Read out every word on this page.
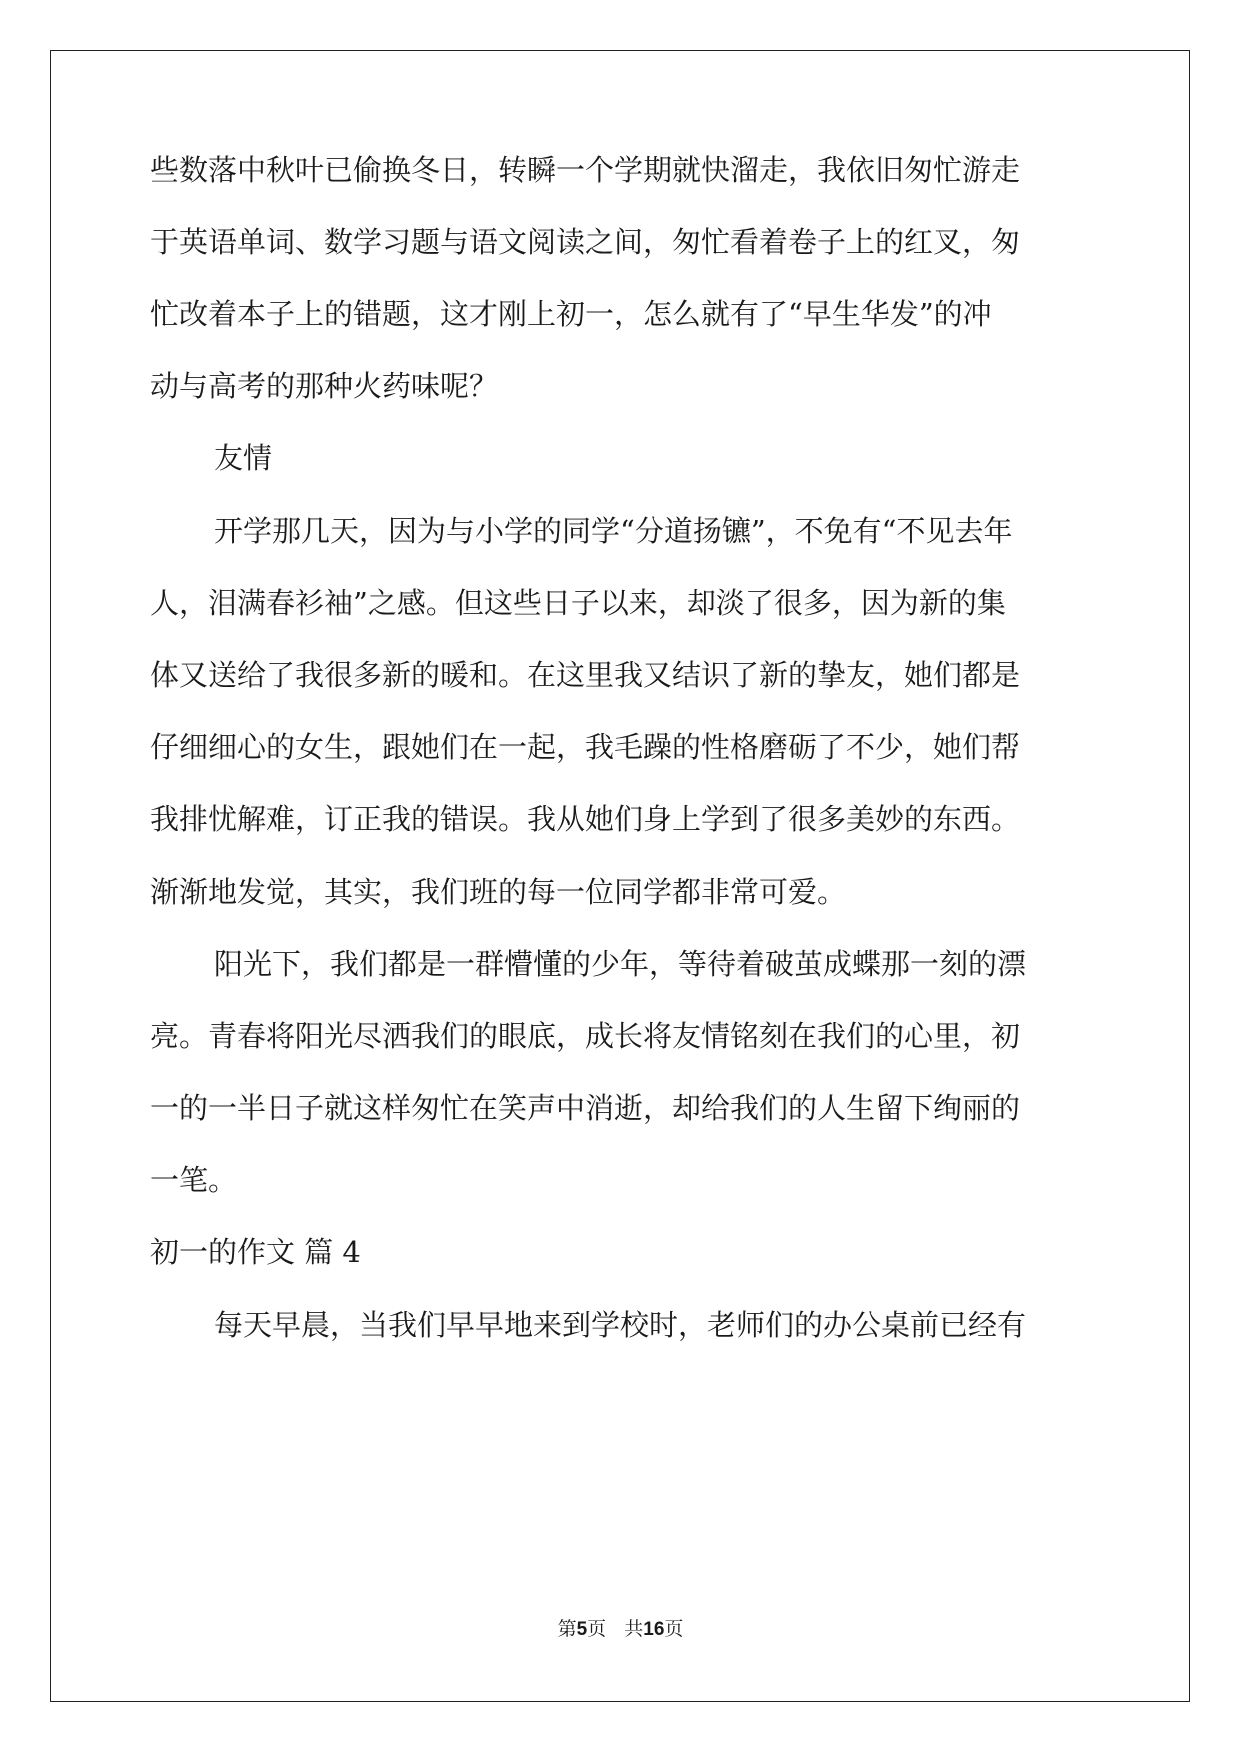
些数落中秋叶已偷换冬日，转瞬一个学期就快溜走，我依旧匆忙游走
于英语单词、数学习题与语文阅读之间，匆忙看着卷子上的红叉，匆
忙改着本子上的错题，这才刚上初一，怎么就有了“早生华发”的冲
动与高考的那种火药味呢？
友情
开学那几天，因为与小学的同学“分道扬镳”，不免有“不见去年
人，泪满春衫袖”之感。但这些日子以来，却淡了很多，因为新的集
体又送给了我很多新的暖和。在这里我又结识了新的挚友，她们都是
仔细细心的女生，跟她们在一起，我毛躁的性格磨砺了不少，她们帮
我排忧解难，订正我的错误。我从她们身上学到了很多美妙的东西。
渐渐地发觉，其实，我们班的每一位同学都非常可爱。
阳光下，我们都是一群懵懂的少年，等待着破茧成蝶那一刻的漂
亮。青春将阳光尽洒我们的眼底，成长将友情铭刻在我们的心里，初
一的一半日子就这样匆忙在笑声中消逝，却给我们的人生留下绚丽的
一笔。
初一的作文 篇 4
每天早晨，当我们早早地来到学校时，老师们的办公桌前已经有
第5页   共16页
